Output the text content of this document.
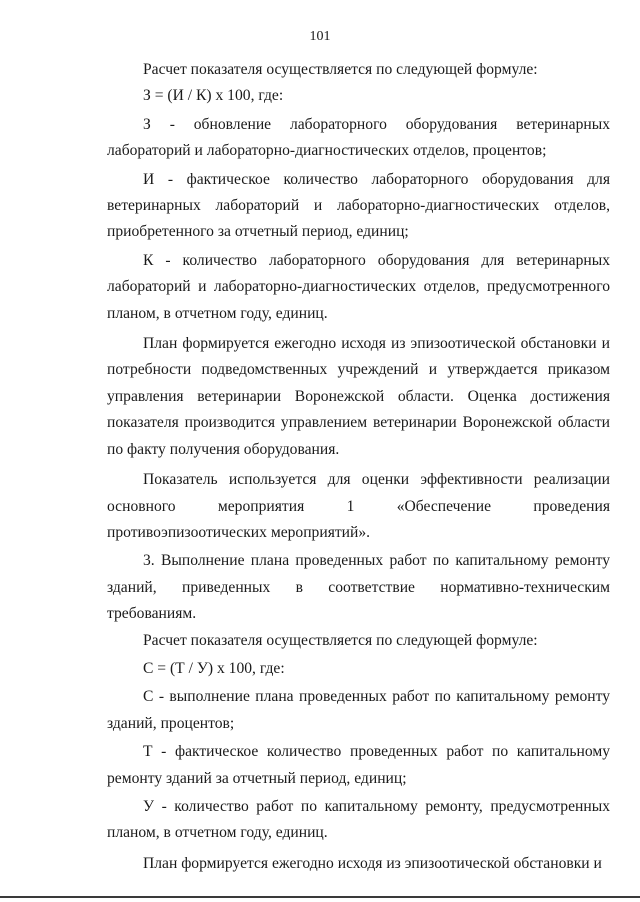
101

Расчет показателя осуществляется по следующей формуле:

З = (И / К) х 100, где:

З - обновление лабораторного оборудования ветеринарных лабораторий и лабораторно-диагностических отделов, процентов;

И - фактическое количество лабораторного оборудования для ветеринарных лабораторий и лабораторно-диагностических отделов, приобретенного за отчетный период, единиц;

К - количество лабораторного оборудования для ветеринарных лабораторий и лабораторно-диагностических отделов, предусмотренного планом, в отчетном году, единиц.

План формируется ежегодно исходя из эпизоотической обстановки и потребности подведомственных учреждений и утверждается приказом управления ветеринарии Воронежской области. Оценка достижения показателя производится управлением ветеринарии Воронежской области по факту получения оборудования.

Показатель используется для оценки эффективности реализации основного мероприятия 1 «Обеспечение проведения противоэпизоотических мероприятий».

3. Выполнение плана проведенных работ по капитальному ремонту зданий, приведенных в соответствие нормативно-техническим требованиям.

Расчет показателя осуществляется по следующей формуле:

С = (Т / У) х 100, где:

С - выполнение плана проведенных работ по капитальному ремонту зданий, процентов;

Т - фактическое количество проведенных работ по капитальному ремонту зданий за отчетный период, единиц;

У - количество работ по капитальному ремонту, предусмотренных планом, в отчетном году, единиц.

План формируется ежегодно исходя из эпизоотической обстановки и
